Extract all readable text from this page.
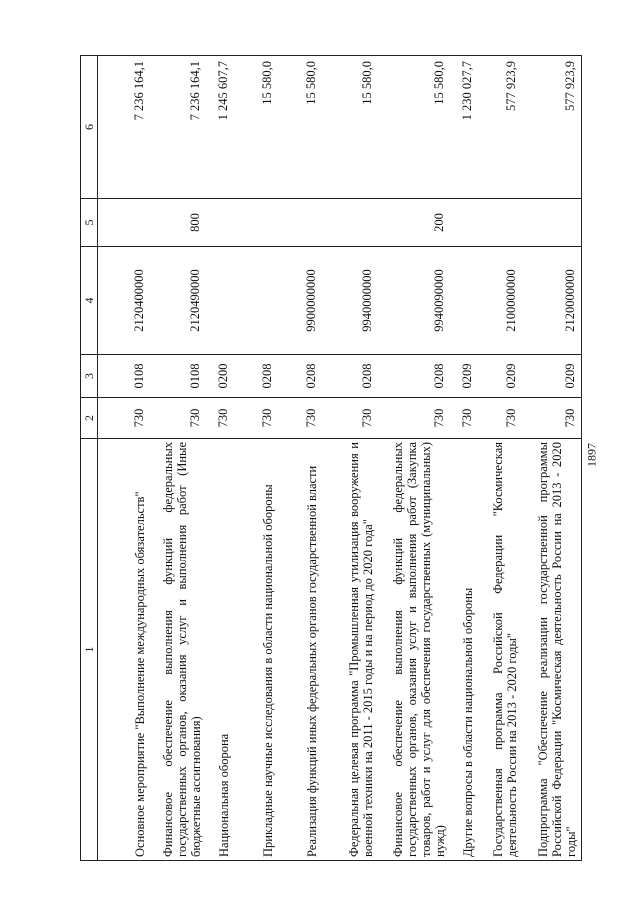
1897
1	2	3	4	5	6
Основное мероприятие "Выполнение международных обязательств"	730	0108	2120400000		7 236 164,1
Финансовое обеспечение выполнения функций федеральных государственных органов, оказания услуг и выполнения работ (Иные бюджетные ассигнования)	730	0108	2120490000	800	7 236 164,1
Национальная оборона	730	0200			1 245 607,7
Прикладные научные исследования в области национальной обороны	730	0208			15 580,0
Реализация функций иных федеральных органов государственной власти	730	0208	9900000000		15 580,0
Федеральная целевая программа "Промышленная утилизация вооружения и военной техники на 2011 - 2015 годы и на период до 2020 года"	730	0208	9940000000		15 580,0
Финансовое обеспечение выполнения функций федеральных государственных органов, оказания услуг и выполнения работ (Закупка товаров, работ и услуг для обеспечения государственных (муниципальных) нужд)	730	0208	9940090000	200	15 580,0
Другие вопросы в области национальной обороны	730	0209			1 230 027,7
Государственная программа Российской Федерации "Космическая деятельность России на 2013 - 2020 годы"	730	0209	2100000000		577 923,9
Подпрограмма "Обеспечение реализации государственной программы Российской Федерации "Космическая деятельность России на 2013 - 2020 годы"	730	0209	2120000000		577 923,9
